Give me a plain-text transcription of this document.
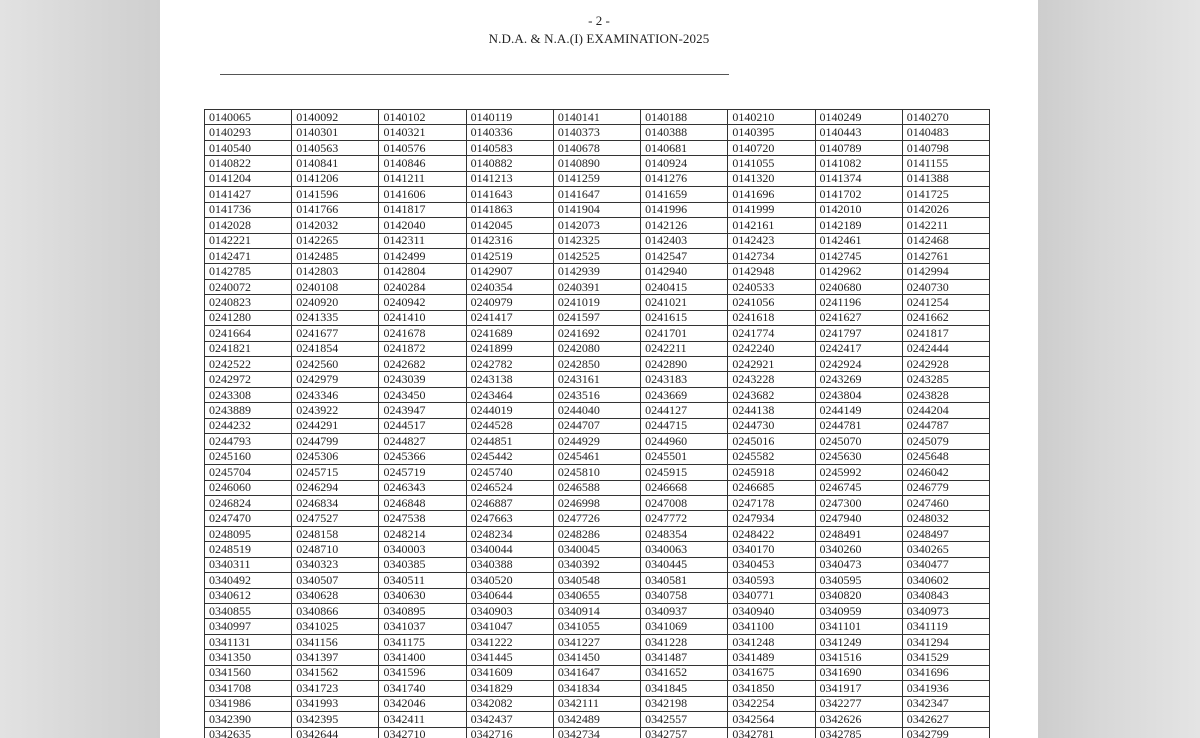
- 2 -
N.D.A. & N.A.(I) EXAMINATION-2025
0140065	0140092	0140102	0140119	0140141	0140188	0140210	0140249	0140270
0140293	0140301	0140321	0140336	0140373	0140388	0140395	0140443	0140483
0140540	0140563	0140576	0140583	0140678	0140681	0140720	0140789	0140798
0140822	0140841	0140846	0140882	0140890	0140924	0141055	0141082	0141155
0141204	0141206	0141211	0141213	0141259	0141276	0141320	0141374	0141388
0141427	0141596	0141606	0141643	0141647	0141659	0141696	0141702	0141725
0141736	0141766	0141817	0141863	0141904	0141996	0141999	0142010	0142026
0142028	0142032	0142040	0142045	0142073	0142126	0142161	0142189	0142211
0142221	0142265	0142311	0142316	0142325	0142403	0142423	0142461	0142468
0142471	0142485	0142499	0142519	0142525	0142547	0142734	0142745	0142761
0142785	0142803	0142804	0142907	0142939	0142940	0142948	0142962	0142994
0240072	0240108	0240284	0240354	0240391	0240415	0240533	0240680	0240730
0240823	0240920	0240942	0240979	0241019	0241021	0241056	0241196	0241254
0241280	0241335	0241410	0241417	0241597	0241615	0241618	0241627	0241662
0241664	0241677	0241678	0241689	0241692	0241701	0241774	0241797	0241817
0241821	0241854	0241872	0241899	0242080	0242211	0242240	0242417	0242444
0242522	0242560	0242682	0242782	0242850	0242890	0242921	0242924	0242928
0242972	0242979	0243039	0243138	0243161	0243183	0243228	0243269	0243285
0243308	0243346	0243450	0243464	0243516	0243669	0243682	0243804	0243828
0243889	0243922	0243947	0244019	0244040	0244127	0244138	0244149	0244204
0244232	0244291	0244517	0244528	0244707	0244715	0244730	0244781	0244787
0244793	0244799	0244827	0244851	0244929	0244960	0245016	0245070	0245079
0245160	0245306	0245366	0245442	0245461	0245501	0245582	0245630	0245648
0245704	0245715	0245719	0245740	0245810	0245915	0245918	0245992	0246042
0246060	0246294	0246343	0246524	0246588	0246668	0246685	0246745	0246779
0246824	0246834	0246848	0246887	0246998	0247008	0247178	0247300	0247460
0247470	0247527	0247538	0247663	0247726	0247772	0247934	0247940	0248032
0248095	0248158	0248214	0248234	0248286	0248354	0248422	0248491	0248497
0248519	0248710	0340003	0340044	0340045	0340063	0340170	0340260	0340265
0340311	0340323	0340385	0340388	0340392	0340445	0340453	0340473	0340477
0340492	0340507	0340511	0340520	0340548	0340581	0340593	0340595	0340602
0340612	0340628	0340630	0340644	0340655	0340758	0340771	0340820	0340843
0340855	0340866	0340895	0340903	0340914	0340937	0340940	0340959	0340973
0340997	0341025	0341037	0341047	0341055	0341069	0341100	0341101	0341119
0341131	0341156	0341175	0341222	0341227	0341228	0341248	0341249	0341294
0341350	0341397	0341400	0341445	0341450	0341487	0341489	0341516	0341529
0341560	0341562	0341596	0341609	0341647	0341652	0341675	0341690	0341696
0341708	0341723	0341740	0341829	0341834	0341845	0341850	0341917	0341936
0341986	0341993	0342046	0342082	0342111	0342198	0342254	0342277	0342347
0342390	0342395	0342411	0342437	0342489	0342557	0342564	0342626	0342627
0342635	0342644	0342710	0342716	0342734	0342757	0342781	0342785	0342799
